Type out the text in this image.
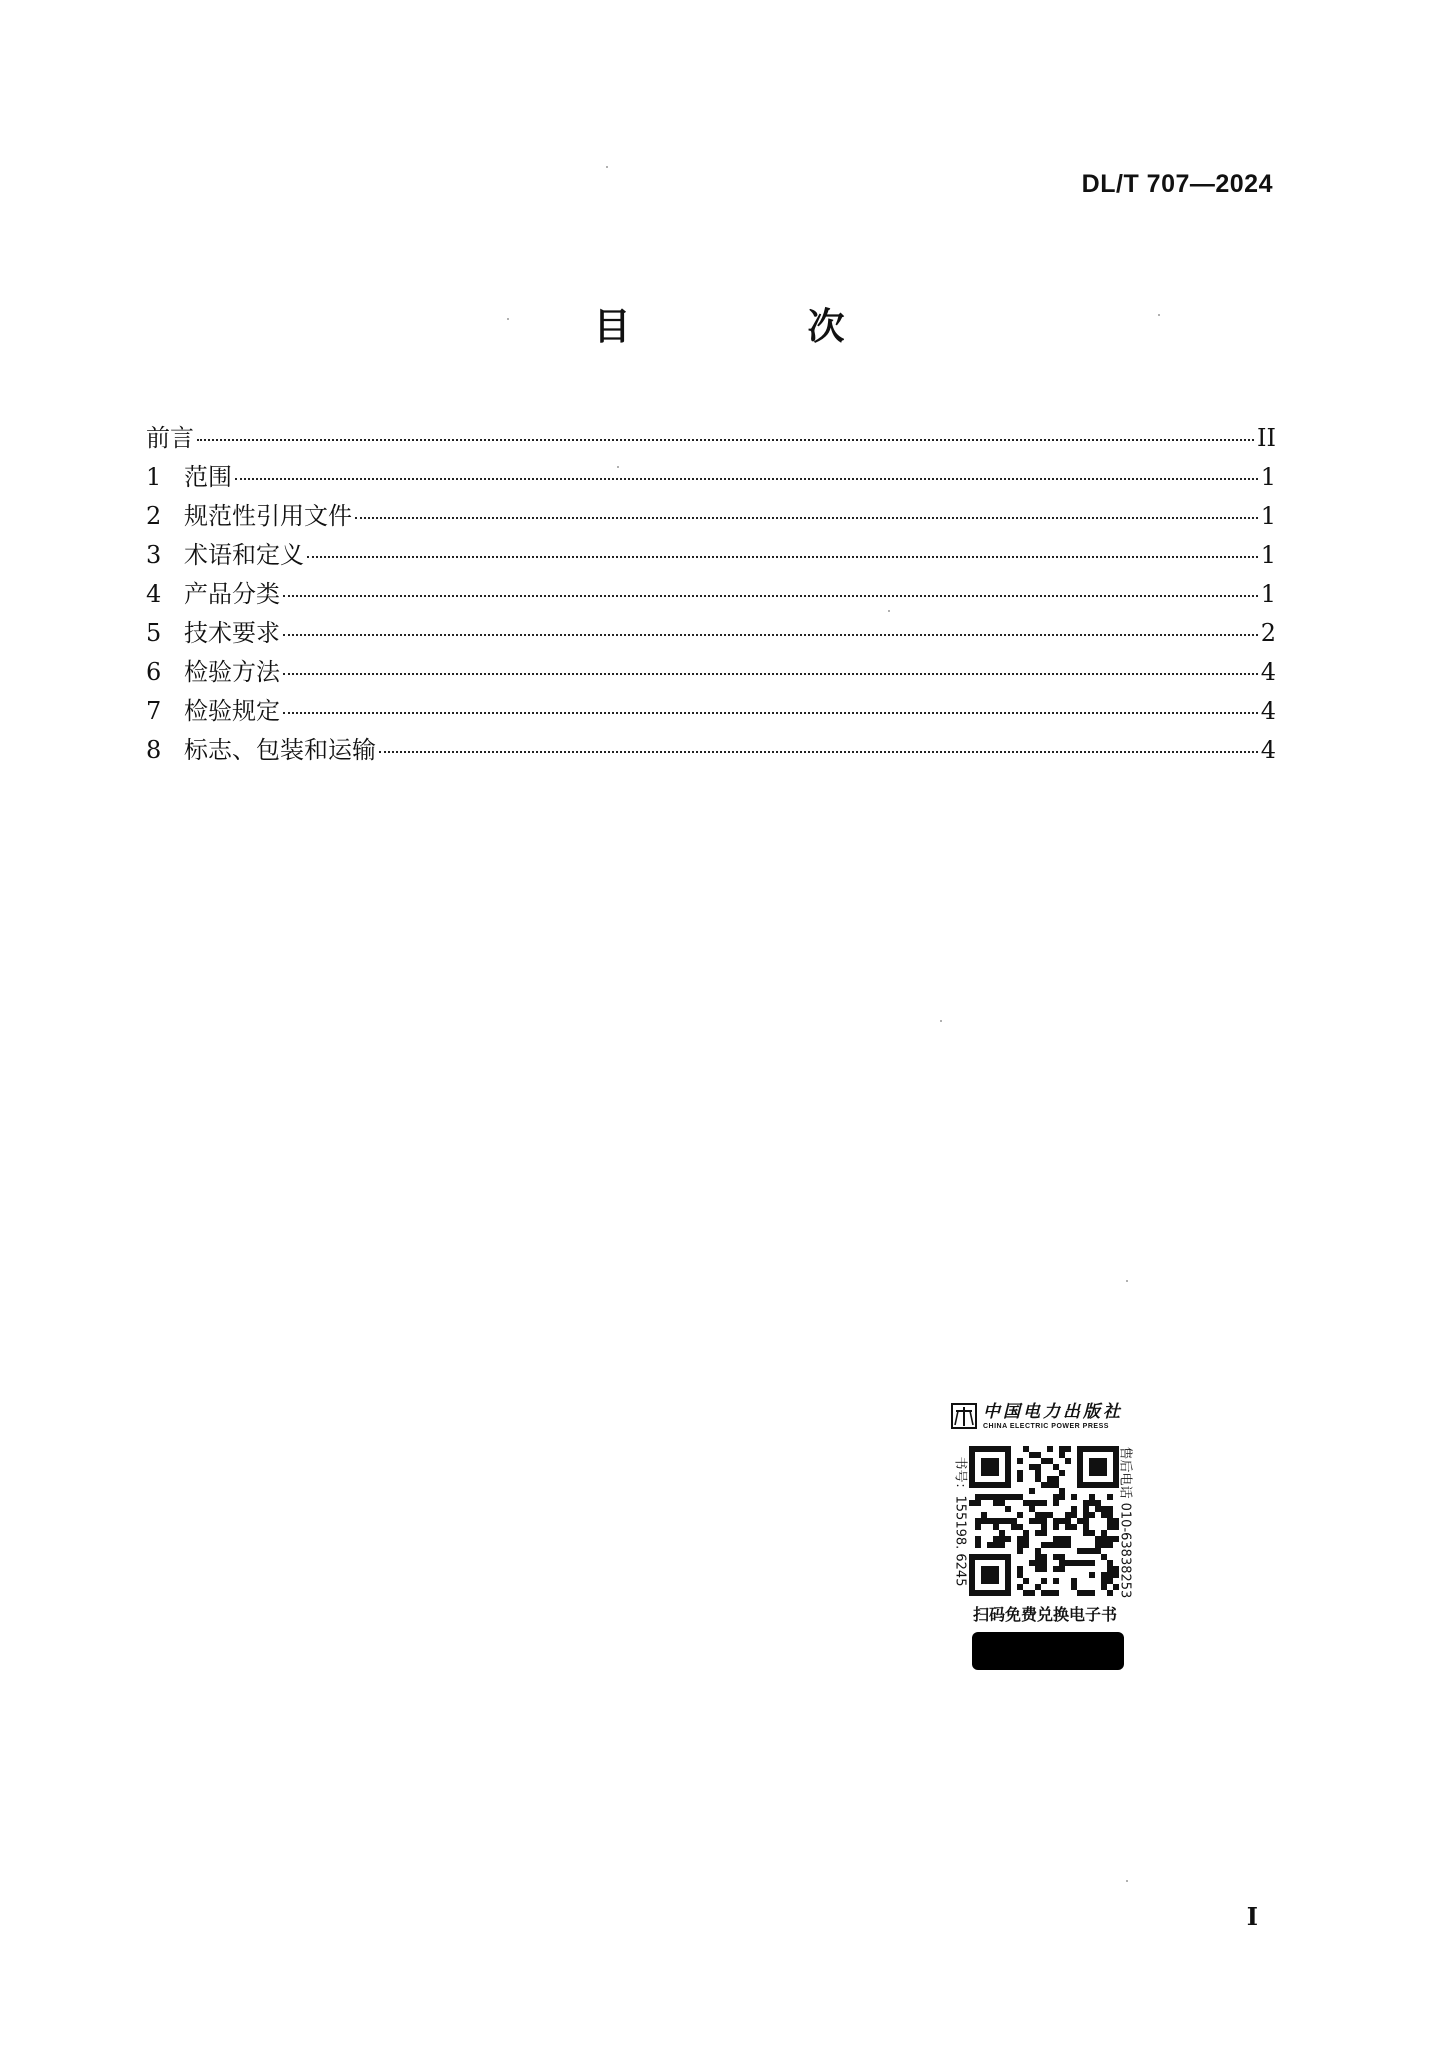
DL/T 707—2024
目　次
前言	II
1 范围	1
2 规范性引用文件	1
3 术语和定义	1
4 产品分类	1
5 技术要求	2
6 检验方法	4
7 检验规定	4
8 标志、包装和运输	4
中国电力出版社
CHINA ELECTRIC POWER PRESS
书号：155198. 6245	售后电话 010-63838253
扫码免费兑换电子书
I
